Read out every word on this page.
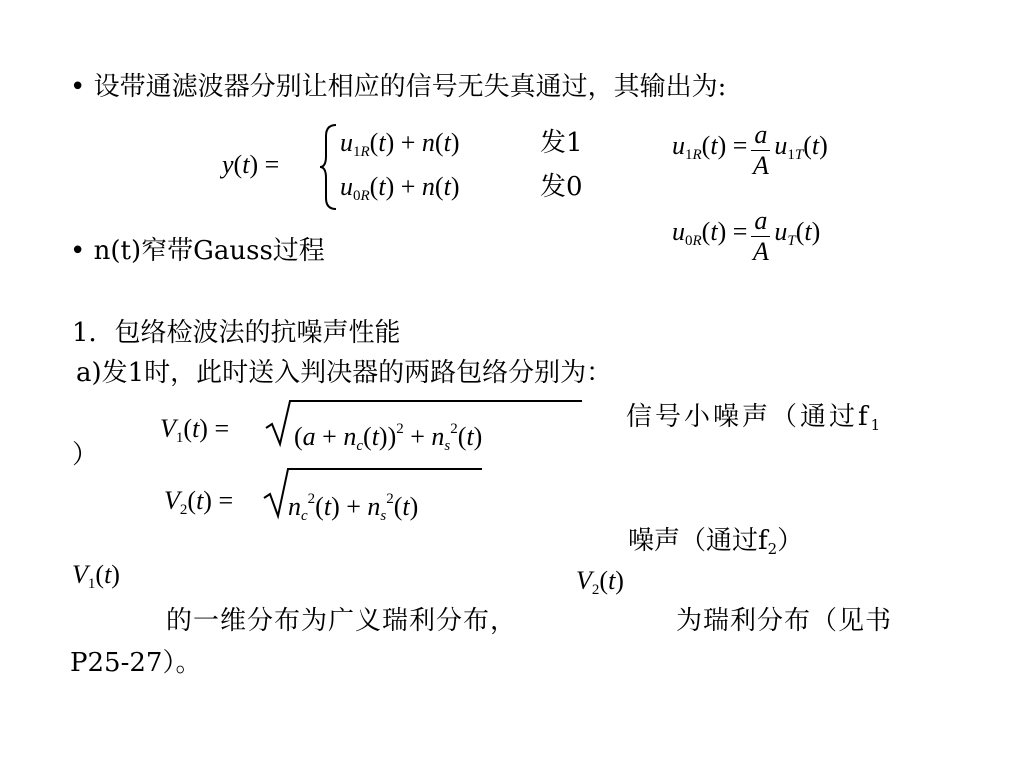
• 设带通滤波器分别让相应的信号无失真通过，其输出为:
y(t) =
$u_{1R}(t) + n(t)$	发1
$u_{0R}(t) + n(t)$	发0
$u_{1R}(t) = \frac{a}{A} u_{1T}(t)$
$u_{0R}(t) = \frac{a}{A} u_T(t)$
• n(t)窄带Gauss过程
1．包络检波法的抗噪声性能
a)发1时，此时送入判决器的两路包络分别为：
$V_1(t) = (a + n_c(t))^2 + n_s^2(t)$
信号小噪声（通过$f_1$
）
$V_2(t) = n_c^2(t) + n_s^2(t)$
噪声（通过$f_2$）
$V_1(t)$	$V_2(t)$
的一维分布为广义瑞利分布，	为瑞利分布（见书
P25-27）。
